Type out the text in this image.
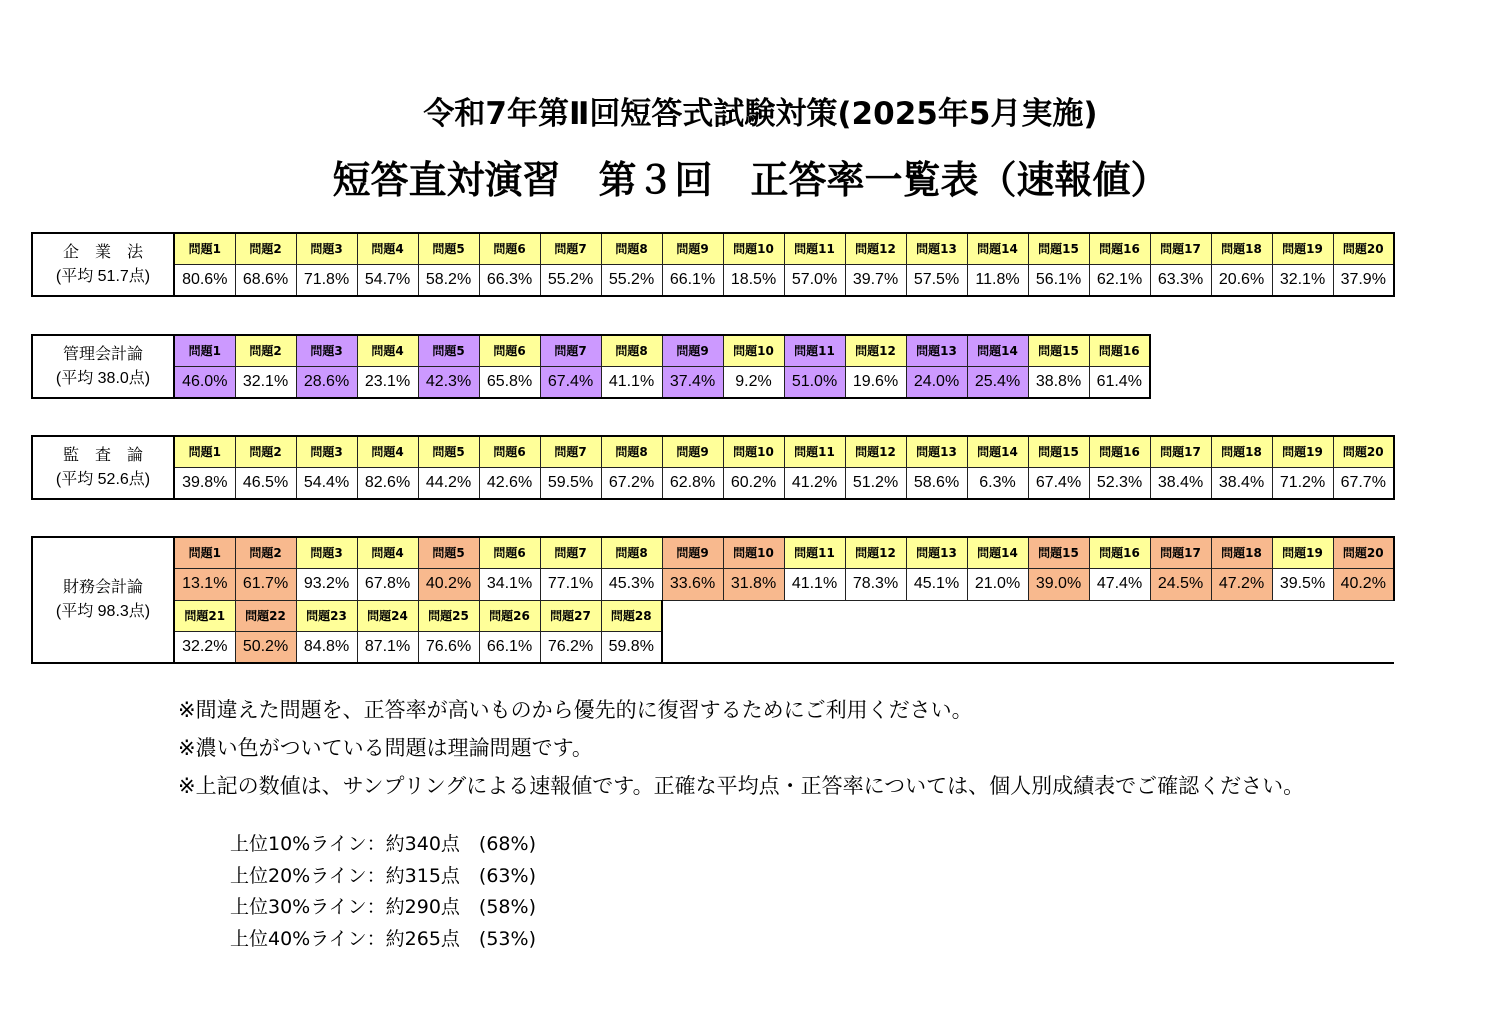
令和7年第Ⅱ回短答式試験対策(2025年5月実施)
短答直対演習　第３回　正答率一覧表（速報値）
企　業　法
(平均 51.7点)	問題1	問題2	問題3	問題4	問題5	問題6	問題7	問題8	問題9	問題10	問題11	問題12	問題13	問題14	問題15	問題16	問題17	問題18	問題19	問題20
	80.6%	68.6%	71.8%	54.7%	58.2%	66.3%	55.2%	55.2%	66.1%	18.5%	57.0%	39.7%	57.5%	11.8%	56.1%	62.1%	63.3%	20.6%	32.1%	37.9%
管理会計論
(平均 38.0点)	問題1	問題2	問題3	問題4	問題5	問題6	問題7	問題8	問題9	問題10	問題11	問題12	問題13	問題14	問題15	問題16
	46.0%	32.1%	28.6%	23.1%	42.3%	65.8%	67.4%	41.1%	37.4%	9.2%	51.0%	19.6%	24.0%	25.4%	38.8%	61.4%
監　査　論
(平均 52.6点)	問題1	問題2	問題3	問題4	問題5	問題6	問題7	問題8	問題9	問題10	問題11	問題12	問題13	問題14	問題15	問題16	問題17	問題18	問題19	問題20
	39.8%	46.5%	54.4%	82.6%	44.2%	42.6%	59.5%	67.2%	62.8%	60.2%	41.2%	51.2%	58.6%	6.3%	67.4%	52.3%	38.4%	38.4%	71.2%	67.7%
財務会計論
(平均 98.3点)	問題1	問題2	問題3	問題4	問題5	問題6	問題7	問題8	問題9	問題10	問題11	問題12	問題13	問題14	問題15	問題16	問題17	問題18	問題19	問題20
	13.1%	61.7%	93.2%	67.8%	40.2%	34.1%	77.1%	45.3%	33.6%	31.8%	41.1%	78.3%	45.1%	21.0%	39.0%	47.4%	24.5%	47.2%	39.5%	40.2%
	問題21	問題22	問題23	問題24	問題25	問題26	問題27	問題28												
	32.2%	50.2%	84.8%	87.1%	76.6%	66.1%	76.2%	59.8%												
※間違えた問題を、正答率が高いものから優先的に復習するためにご利用ください。
※濃い色がついている問題は理論問題です。
※上記の数値は、サンプリングによる速報値です。正確な平均点・正答率については、個人別成績表でご確認ください。
上位10%ライン：約340点　(68%)
上位20%ライン：約315点　(63%)
上位30%ライン：約290点　(58%)
上位40%ライン：約265点　(53%)
